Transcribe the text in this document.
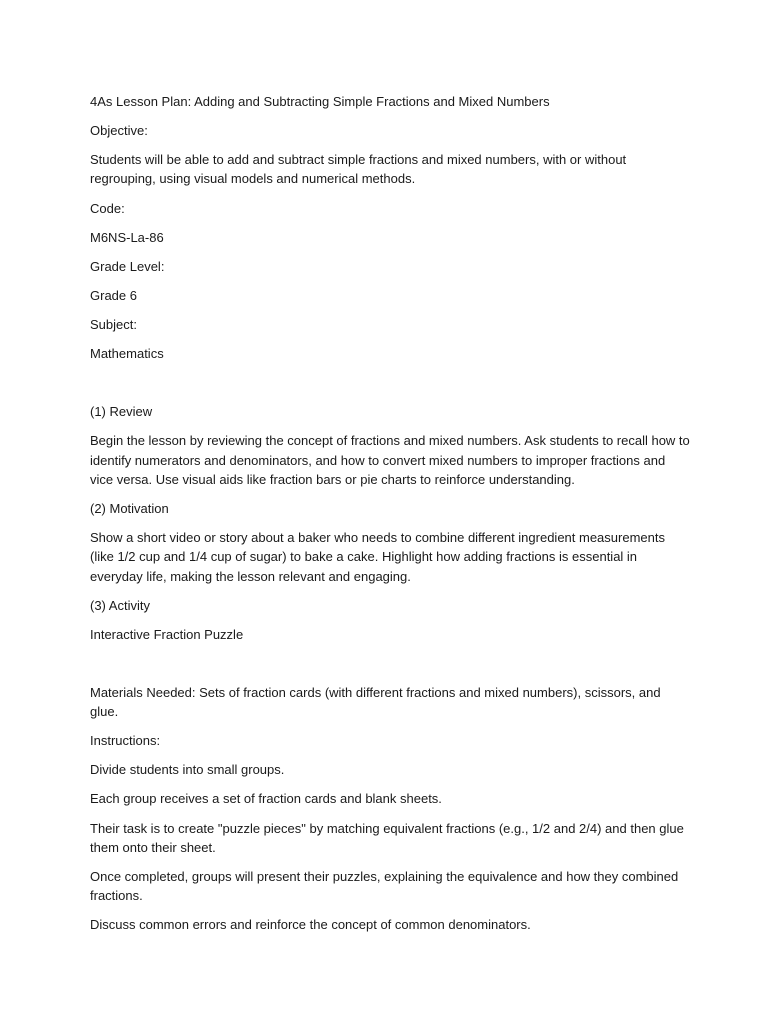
4As Lesson Plan: Adding and Subtracting Simple Fractions and Mixed Numbers

Objective:

Students will be able to add and subtract simple fractions and mixed numbers, with or without regrouping, using visual models and numerical methods.

Code:

M6NS-La-86

Grade Level:

Grade 6

Subject:

Mathematics

(1) Review

Begin the lesson by reviewing the concept of fractions and mixed numbers. Ask students to recall how to identify numerators and denominators, and how to convert mixed numbers to improper fractions and vice versa. Use visual aids like fraction bars or pie charts to reinforce understanding.

(2) Motivation

Show a short video or story about a baker who needs to combine different ingredient measurements (like 1/2 cup and 1/4 cup of sugar) to bake a cake. Highlight how adding fractions is essential in everyday life, making the lesson relevant and engaging.

(3) Activity

Interactive Fraction Puzzle

Materials Needed: Sets of fraction cards (with different fractions and mixed numbers), scissors, and glue.

Instructions:

Divide students into small groups.

Each group receives a set of fraction cards and blank sheets.

Their task is to create "puzzle pieces" by matching equivalent fractions (e.g., 1/2 and 2/4) and then glue them onto their sheet.

Once completed, groups will present their puzzles, explaining the equivalence and how they combined fractions.

Discuss common errors and reinforce the concept of common denominators.
